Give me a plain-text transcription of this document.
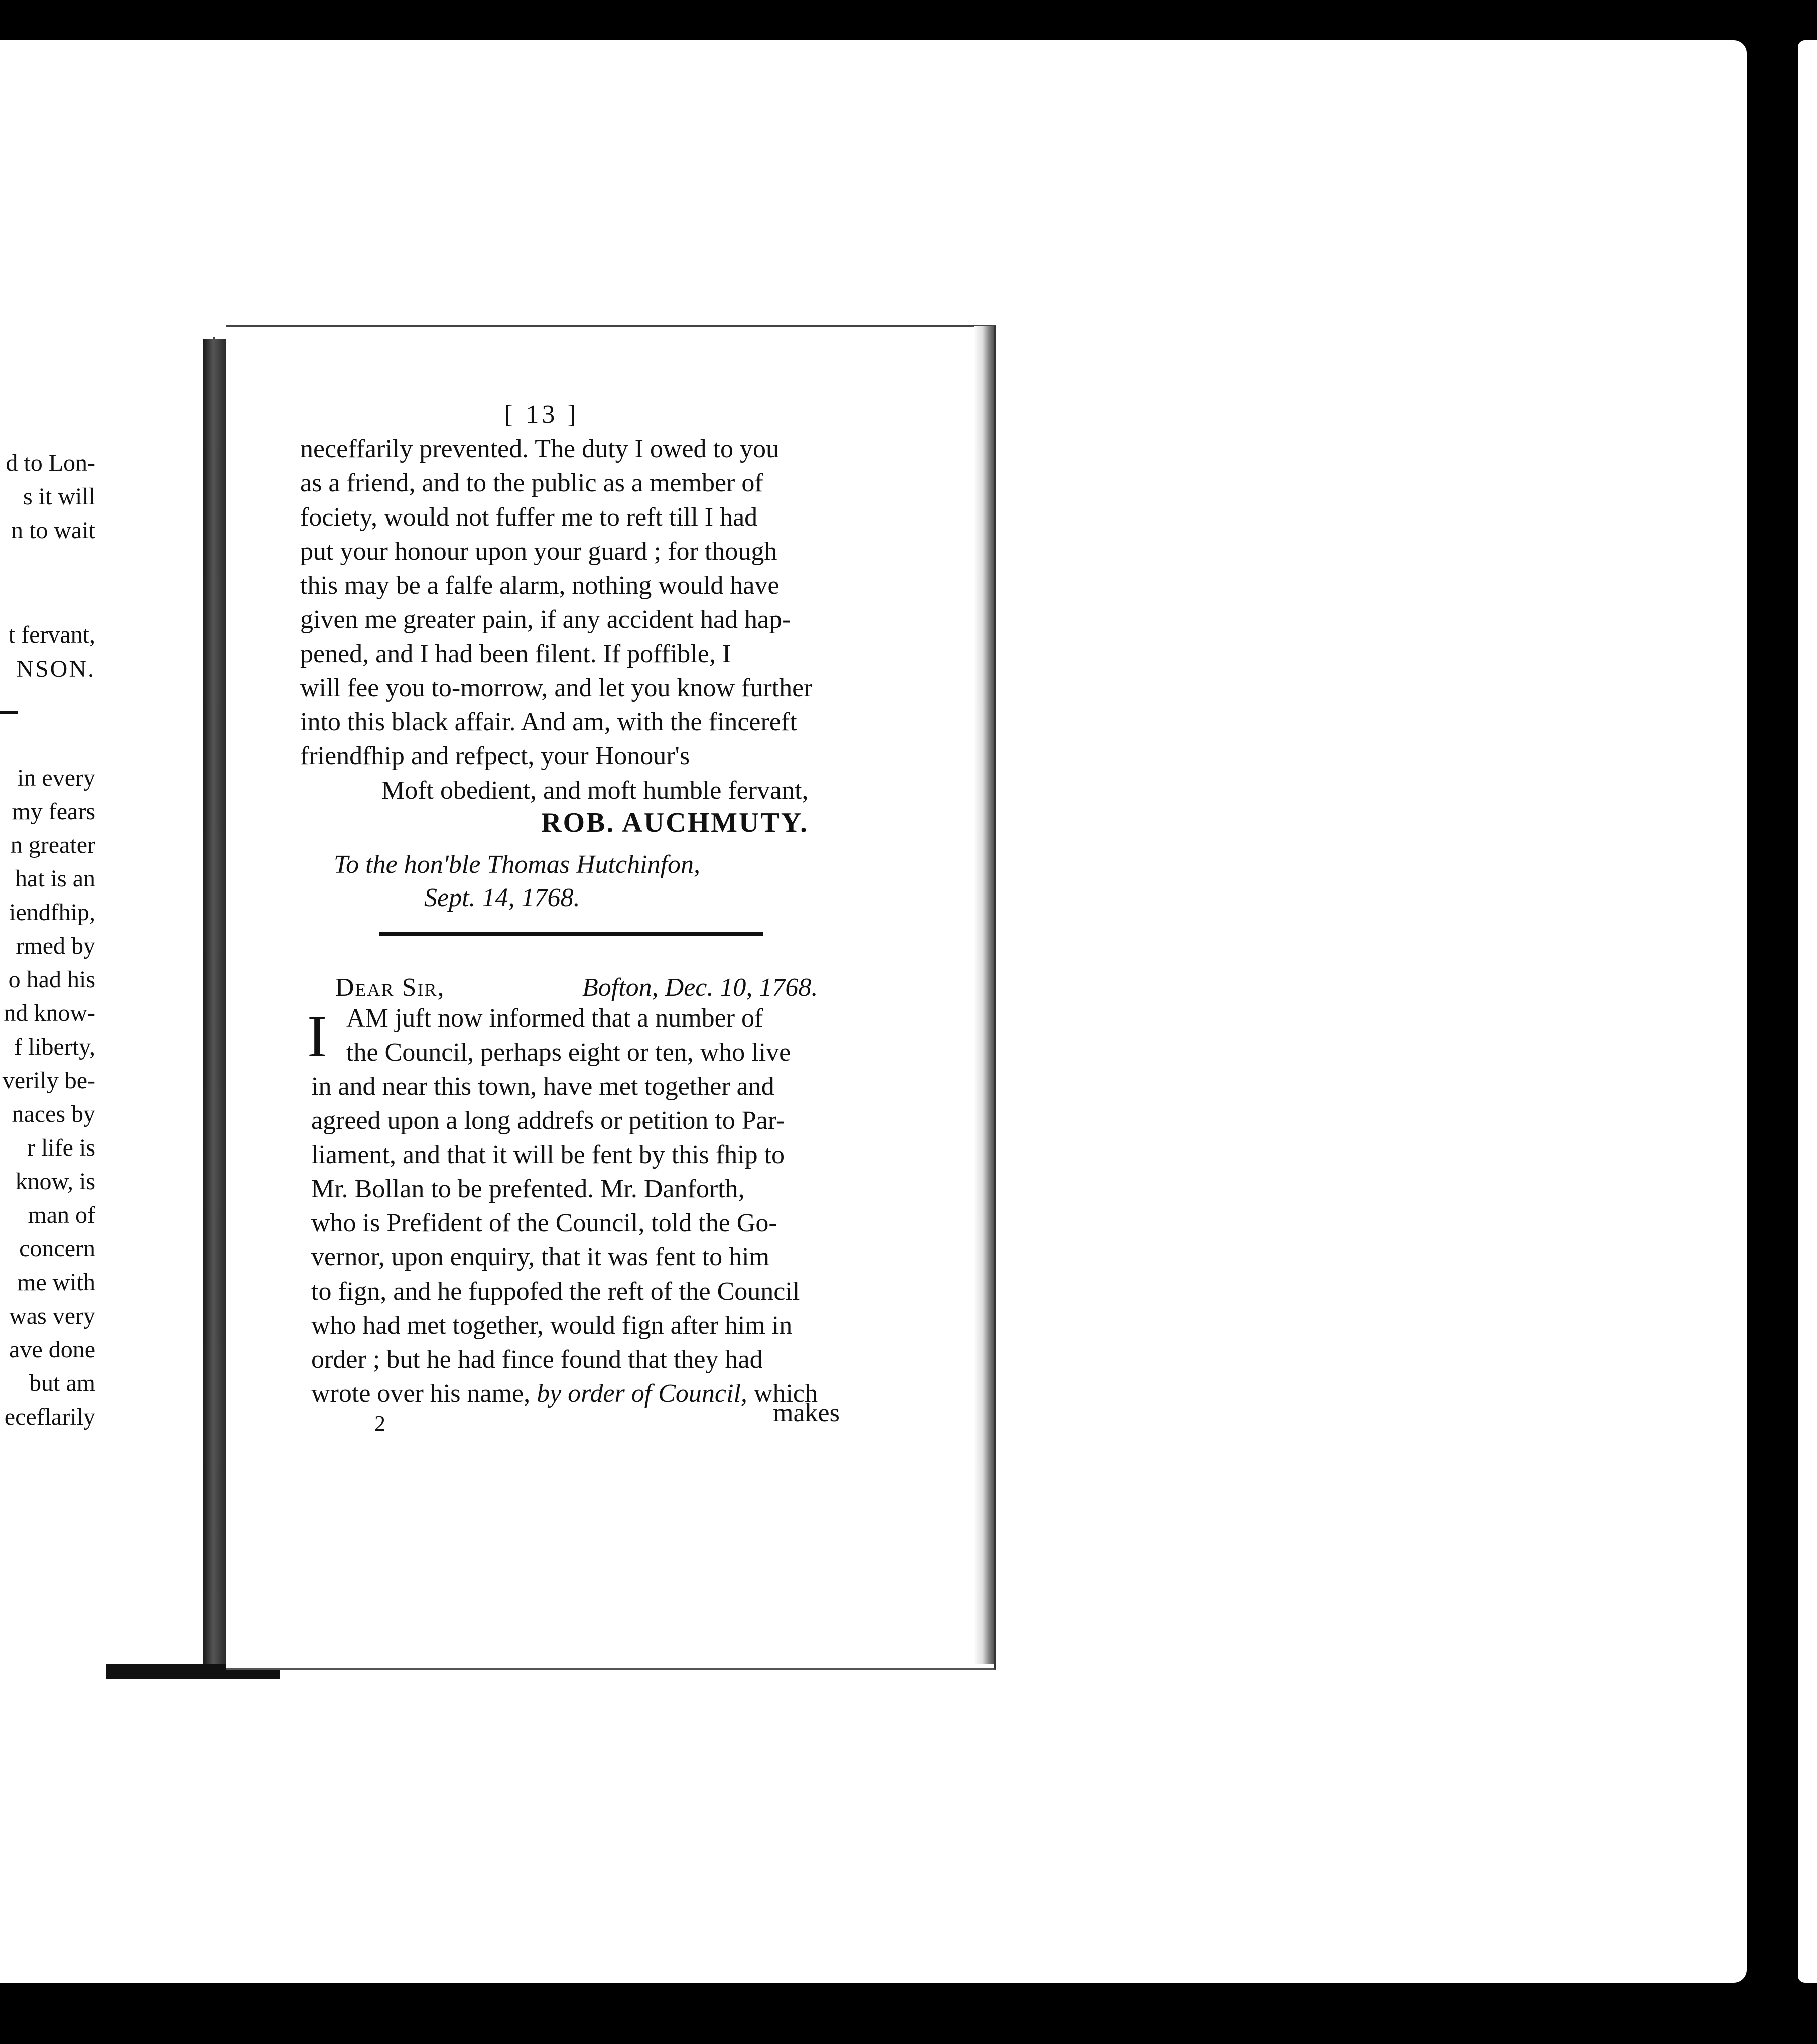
d to Lon-
s it will
n to wait
t fervant,
NSON.
in every
my fears
n greater
hat is an
iendfhip,
rmed by
o had his
nd know-
f liberty,
verily be-
naces by
r life is
know, is
man of
concern
me with
was very
ave done
but am
eceflarily
[ 13 ]
neceffarily prevented. The duty I owed to you
as a friend, and to the public as a member of
fociety, would not fuffer me to reft till I had
put your honour upon your guard ; for though
this may be a falfe alarm, nothing would have
given me greater pain, if any accident had hap-
pened, and I had been filent. If poffible, I
will fee you to-morrow, and let you know further
into this black affair. And am, with the fincereft
friendfhip and refpect, your Honour's
Moft obedient, and moft humble fervant,
ROB. AUCHMUTY.
To the hon'ble Thomas Hutchinfon,
Sept. 14, 1768.
Dear Sir,	Bofton, Dec. 10, 1768.
I AM juft now informed that a number of
the Council, perhaps eight or ten, who live
in and near this town, have met together and
agreed upon a long addrefs or petition to Par-
liament, and that it will be fent by this fhip to
Mr. Bollan to be prefented. Mr. Danforth,
who is Prefident of the Council, told the Go-
vernor, upon enquiry, that it was fent to him
to fign, and he fuppofed the reft of the Council
who had met together, would fign after him in
order ; but he had fince found that they had
wrote over his name, by order of Council, which
2	makes
